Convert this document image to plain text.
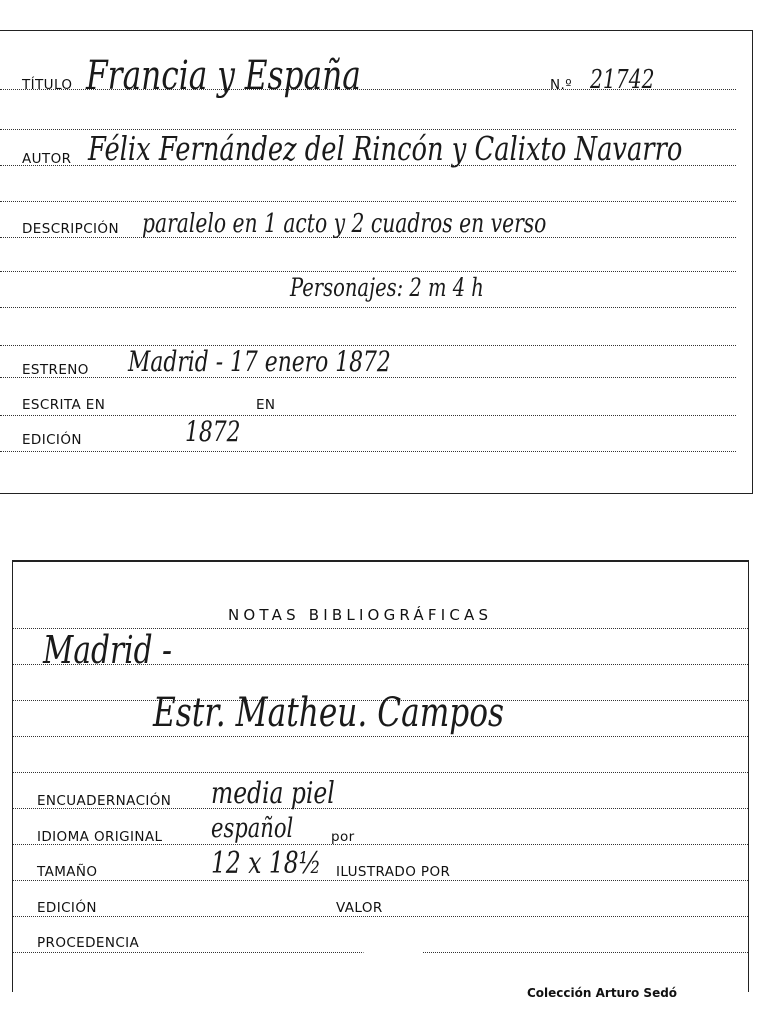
TÍTULO Francia y España	N.º 21742
AUTOR Félix Fernández del Rincón y Calixto Navarro
DESCRIPCIÓN paralelo en 1 acto y 2 cuadros en verso
Personajes: 2 m 4 h
ESTRENO Madrid - 17 enero 1872
ESCRITA EN	EN
EDICIÓN	1872
NOTAS BIBLIOGRÁFICAS
Madrid -
Estr. Matheu. Campos
ENCUADERNACIÓN media piel
IDIOMA ORIGINAL español	por
TAMAÑO	12 x 18½ ILUSTRADO POR
EDICIÓN	VALOR
PROCEDENCIA
Colección Arturo Sedó
